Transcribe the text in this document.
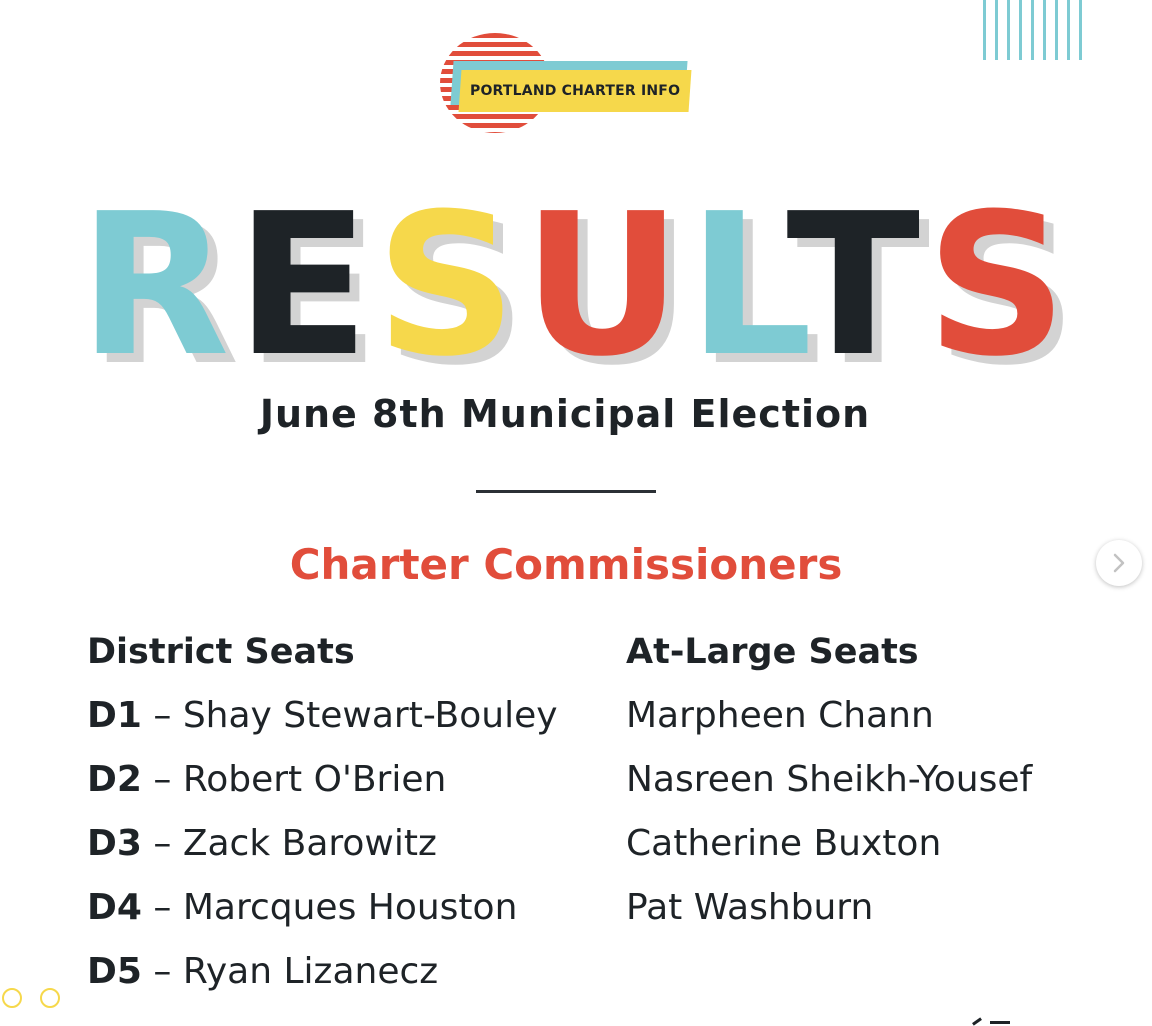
PORTLAND CHARTER INFO
RESULTS
June 8th Municipal Election
Charter Commissioners
District Seats
D1 – Shay Stewart-Bouley
D2 – Robert O'Brien
D3 – Zack Barowitz
D4 – Marcques Houston
D5 – Ryan Lizanecz
At-Large Seats
Marpheen Chann
Nasreen Sheikh-Yousef
Catherine Buxton
Pat Washburn
